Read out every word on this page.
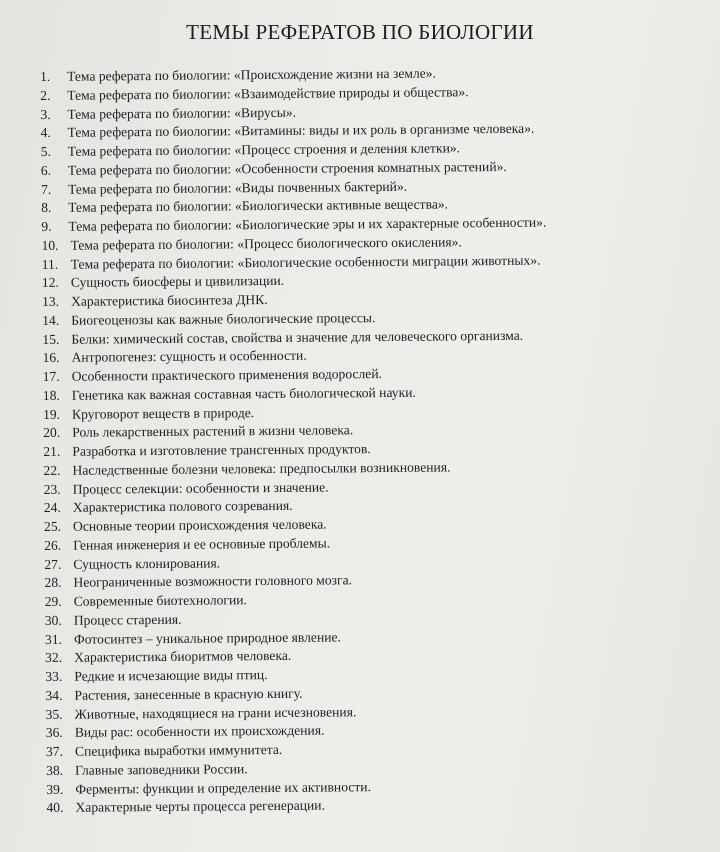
ТЕМЫ РЕФЕРАТОВ ПО БИОЛОГИИ
1. Тема реферата по биологии: «Происхождение жизни на земле».
2. Тема реферата по биологии: «Взаимодействие природы и общества».
3. Тема реферата по биологии: «Вирусы».
4. Тема реферата по биологии: «Витамины: виды и их роль в организме человека».
5. Тема реферата по биологии: «Процесс строения и деления клетки».
6. Тема реферата по биологии: «Особенности строения комнатных растений».
7. Тема реферата по биологии: «Виды почвенных бактерий».
8. Тема реферата по биологии: «Биологически активные вещества».
9. Тема реферата по биологии: «Биологические эры и их характерные особенности».
10. Тема реферата по биологии: «Процесс биологического окисления».
11. Тема реферата по биологии: «Биологические особенности миграции животных».
12. Сущность биосферы и цивилизации.
13. Характеристика биосинтеза ДНК.
14. Биогеоценозы как важные биологические процессы.
15. Белки: химический состав, свойства и значение для человеческого организма.
16. Антропогенез: сущность и особенности.
17. Особенности практического применения водорослей.
18. Генетика как важная составная часть биологической науки.
19. Круговорот веществ в природе.
20. Роль лекарственных растений в жизни человека.
21. Разработка и изготовление трансгенных продуктов.
22. Наследственные болезни человека: предпосылки возникновения.
23. Процесс селекции: особенности и значение.
24. Характеристика полового созревания.
25. Основные теории происхождения человека.
26. Генная инженерия и ее основные проблемы.
27. Сущность клонирования.
28. Неограниченные возможности головного мозга.
29. Современные биотехнологии.
30. Процесс старения.
31. Фотосинтез – уникальное природное явление.
32. Характеристика биоритмов человека.
33. Редкие и исчезающие виды птиц.
34. Растения, занесенные в красную книгу.
35. Животные, находящиеся на грани исчезновения.
36. Виды рас: особенности их происхождения.
37. Специфика выработки иммунитета.
38. Главные заповедники России.
39. Ферменты: функции и определение их активности.
40. Характерные черты процесса регенерации.
